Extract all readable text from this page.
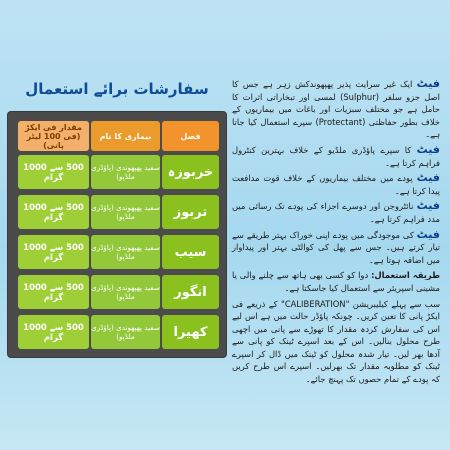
فیٹ ایک غیر سرایت پذیر پھپھوندکش زہر ہے جس کا اصل جزو سلفر (Sulphur) لمسی اور تبخاراتی اثرات کا حامل ہے جو مختلف سبزیات اور باغات میں بیماریوں کے خلاف بطور حفاظتی (Protectant) سپرے استعمال کیا جاتا ہے۔

فیٹ کا سپرے پاؤڈری ملڈیو کے خلاف بہترین کنٹرول فراہم کرتا ہے۔

فیٹ پودے میں مختلف بیماریوں کے خلاف قوت مدافعت پیدا کرتا ہے۔

فیٹ نائٹروجن اور دوسرے اجزاء کی پودے تک رسائی میں مدد فراہم کرتا ہے۔

فیٹ کی موجودگی میں پودے اپنی خوراک بہتر طریقے سے تیار کرتے ہیں۔ جس سے پھل کی کوالٹی بہتر اور پیداوار میں اضافہ ہوتا ہے۔

طریقہ استعمال: دوا کو کسی بھی ہاتھ سے چلنے والی یا مشینی اسپریئر سے استعمال کیا جاسکتا ہے۔

سب سے پہلے کیلیبریشن "CALIBERATION" کے ذریعے فی ایکڑ پانی کا تعین کریں۔ چونکہ پاؤڈر حالت میں ہے اس لیے اس کی سفارش کردہ مقدار کا تھوڑے سے پانی میں اچھی طرح محلول بنالیں۔ اس کے بعد اسپرے ٹینک کو پانی سے آدھا بھر لیں۔ تیار شدہ محلول کو ٹینک میں ڈال کر اسپرے ٹینک کو مطلوبہ مقدار تک بھرلیں۔ اسپرے اس طرح کریں کہ پودے کے تمام حصوں تک پہنچ جائے۔

سفارشات برائے استعمال
فصل
بیماری کا نام
مقدار فی ایکڑ (فی 100 لیٹر پانی)
خربوزہ
سفید پھپھوندی (پاؤڈری ملڈیو)
500 سے 1000 گرام
تربوز
سفید پھپھوندی (پاؤڈری ملڈیو)
500 سے 1000 گرام
سیب
سفید پھپھوندی (پاؤڈری ملڈیو)
500 سے 1000 گرام
انگور
سفید پھپھوندی (پاؤڈری ملڈیو)
500 سے 1000 گرام
کھیرا
سفید پھپھوندی (پاؤڈری ملڈیو)
500 سے 1000 گرام
